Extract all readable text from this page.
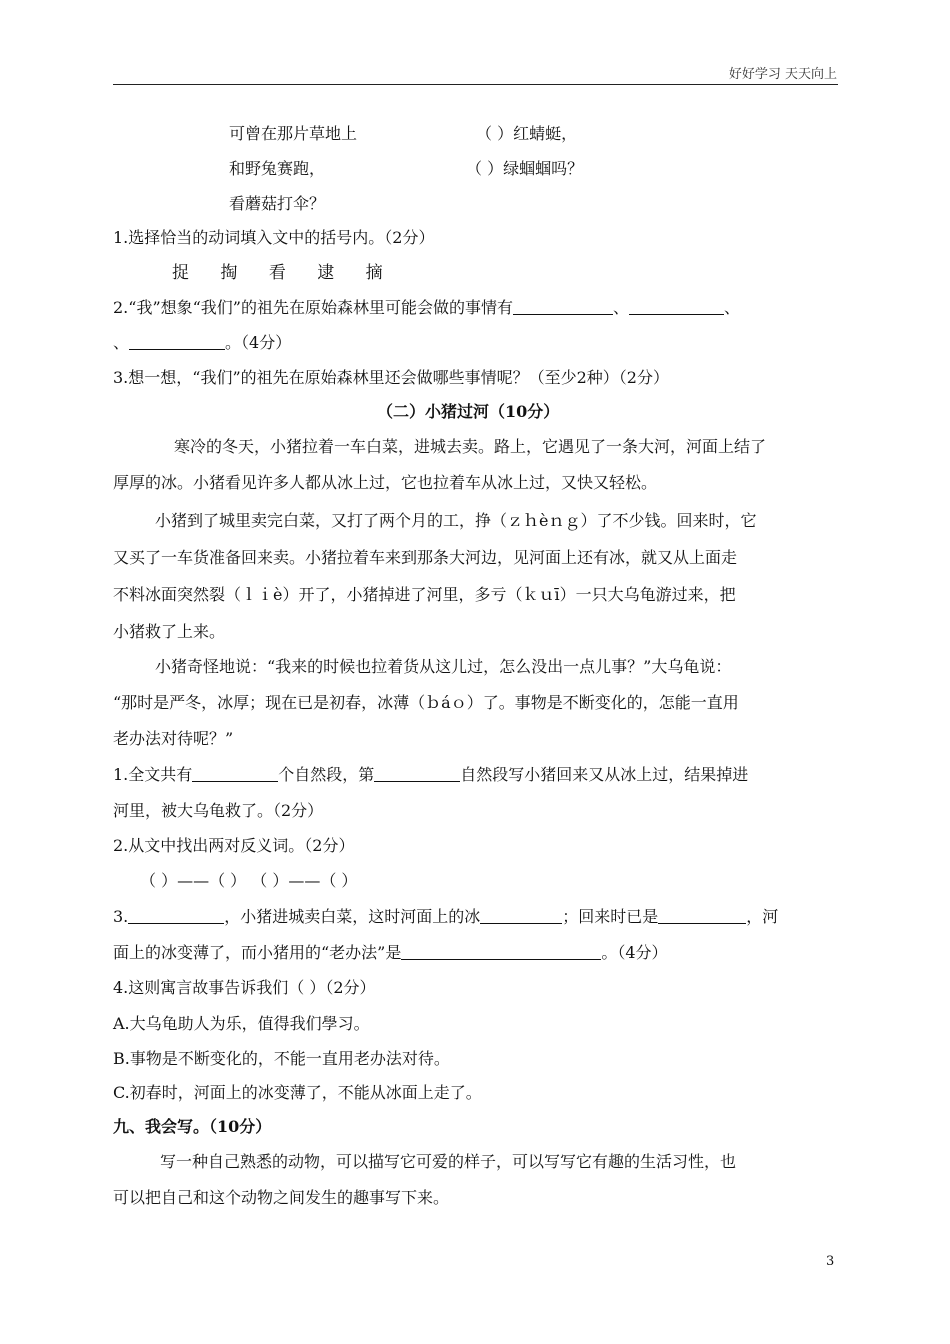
好好学习 天天向上
可曾在那片草地上	（ ）红蜻蜓，
和野兔赛跑，	（ ）绿蝈蝈吗？
看蘑菇打伞？
1.选择恰当的动词填入文中的括号内。（2分）
捉 掏 看 逮 摘
2.“我”想象“我们”的祖先在原始森林里可能会做的事情有	、	、
、	。（4分）
3.想一想，“我们”的祖先在原始森林里还会做哪些事情呢？（至少2种）（2分）
（二）小猪过河（10分）
寒冷的冬天，小猪拉着一车白菜，进城去卖。路上，它遇见了一条大河，河面上结了
厚厚的冰。小猪看见许多人都从冰上过，它也拉着车从冰上过，又快又轻松。
小猪到了城里卖完白菜，又打了两个月的工，挣（ｚｈèｎｇ）了不少钱。回来时，它
又买了一车货准备回来卖。小猪拉着车来到那条大河边，见河面上还有冰，就又从上面走
不料冰面突然裂（ｌｉè）开了，小猪掉进了河里，多亏（ｋｕī）一只大乌龟游过来，把
小猪救了上来。
小猪奇怪地说：“我来的时候也拉着货从这儿过，怎么没出一点儿事？”大乌龟说：
“那时是严冬，冰厚；现在已是初春，冰薄（ｂáｏ）了。事物是不断变化的，怎能一直用
老办法对待呢？”
1.全文共有	个自然段，第	自然段写小猪回来又从冰上过，结果掉进
河里，被大乌龟救了。（2分）
2.从文中找出两对反义词。（2分）
（ ）——（ ） （ ）——（ ）
3.	，小猪进城卖白菜，这时河面上的冰	；回来时已是	，河
面上的冰变薄了，而小猪用的“老办法”是	。（4分）
4.这则寓言故事告诉我们（ ）（2分）
A.大乌龟助人为乐，值得我们學习。
B.事物是不断变化的，不能一直用老办法对待。
C.初春时，河面上的冰变薄了，不能从冰面上走了。
九、我会写。（10分）
写一种自己熟悉的动物，可以描写它可爱的样子，可以写写它有趣的生活习性，也
可以把自己和这个动物之间发生的趣事写下来。
3
